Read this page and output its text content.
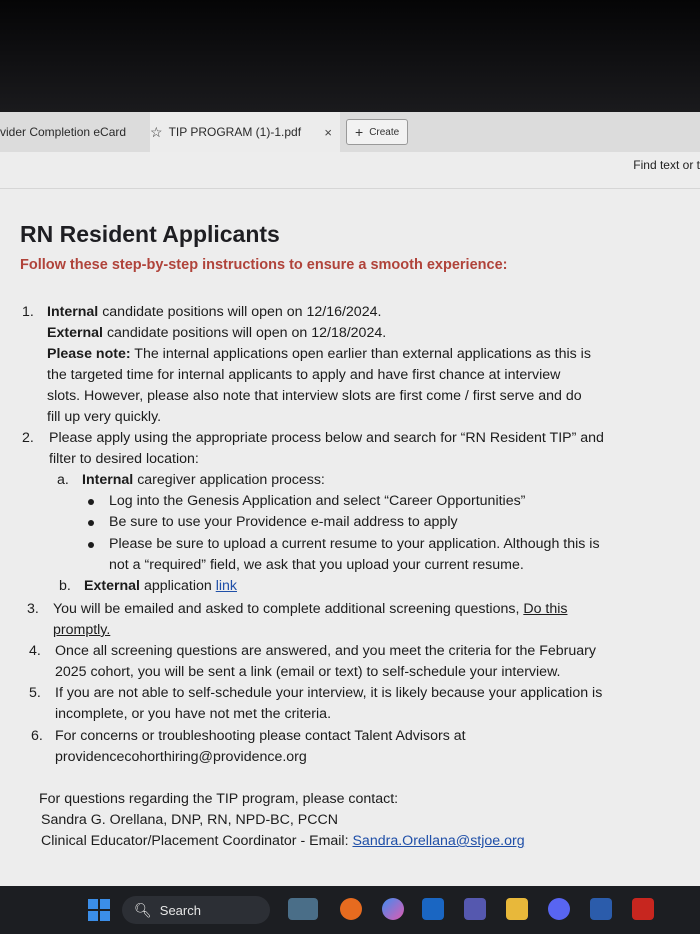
vider Completion eCard ☆ TIP PROGRAM (1)-1.pdf × + Create
Find text or t
RN Resident Applicants
Follow these step-by-step instructions to ensure a smooth experience:
1. Internal candidate positions will open on 12/16/2024.
External candidate positions will open on 12/18/2024.
Please note: The internal applications open earlier than external applications as this is
the targeted time for internal applicants to apply and have first chance at interview
slots. However, please also note that interview slots are first come / first serve and do
fill up very quickly.
2. Please apply using the appropriate process below and search for “RN Resident TIP” and
filter to desired location:
a. Internal caregiver application process:
Log into the Genesis Application and select “Career Opportunities”
Be sure to use your Providence e-mail address to apply
Please be sure to upload a current resume to your application. Although this is
not a “required” field, we ask that you upload your current resume.
b. External application link
3. You will be emailed and asked to complete additional screening questions, Do this
promptly.
4. Once all screening questions are answered, and you meet the criteria for the February
2025 cohort, you will be sent a link (email or text) to self-schedule your interview.
5. If you are not able to self-schedule your interview, it is likely because your application is
incomplete, or you have not met the criteria.
6. For concerns or troubleshooting please contact Talent Advisors at
providencecohorthiring@providence.org
For questions regarding the TIP program, please contact:
Sandra G. Orellana, DNP, RN, NPD-BC, PCCN
Clinical Educator/Placement Coordinator - Email: Sandra.Orellana@stjoe.org
🔍︎ Search
